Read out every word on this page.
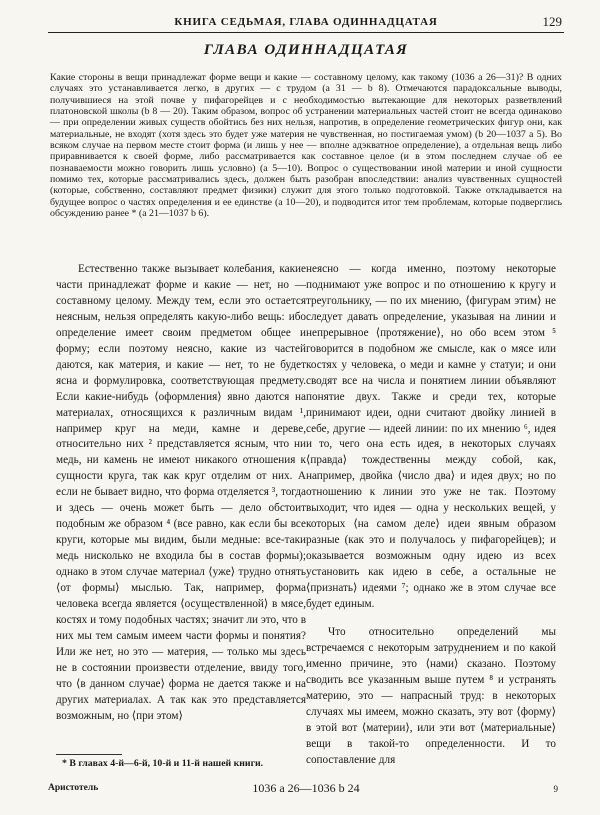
КНИГА СЕДЬМАЯ, ГЛАВА ОДИННАДЦАТАЯ	129
ГЛАВА ОДИННАДЦАТАЯ
Какие стороны в вещи принадлежат форме вещи и какие — составному целому, как такому (1036 a 26—31)? В одних случаях это устанавливается легко, в других — с трудом (a 31 — b 8). Отмечаются парадоксальные выводы, получившиеся на этой почве у пифагорейцев и с необходимостью вытекающие для некоторых разветвлений платоновской школы (b 8 — 20). Таким образом, вопрос об устранении материальных частей стоит не всегда одинаково — при определении живых существ обойтись без них нельзя, напротив, в определение геометрических фигур они, как материальные, не входят (хотя здесь это будет уже материя не чувственная, но постигаемая умом) (b 20—1037 a 5). Во всяком случае на первом месте стоит форма (и лишь у нее — вполне адэкватное определение), а отдельная вещь либо приравнивается к своей форме, либо рассматривается как составное целое (и в этом последнем случае об ее познаваемости можно говорить лишь условно) (a 5—10). Вопрос о существовании иной материи и иной сущности помимо тех, которые рассматривались здесь, должен быть разобран впоследствии: анализ чувственных сущностей (которые, собственно, составляют предмет физики) служит для этого только подготовкой. Также откладывается на будущее вопрос о частях определения и ее единстве (a 10—20), и подводится итог тем проблемам, которые подверглись обсуждению ранее * (a 21—1037 b 6).

Естественно также вызывает колебания, какие части принадлежат форме и какие — нет, но — составному целому. Между тем, если это остается неясным, нельзя определять какую-либо вещь: ибо определение имеет своим предметом общее и форму; если поэтому неясно, какие из частей даются, как материя, и какие — нет, то не будет ясна и формулировка, соответствующая предмету. Если какие-нибудь ⟨оформления⟩ явно даются на материалах, относящихся к различным видам ¹, например круг на меди, камне и дереве, относительно них ² представляется ясным, что ни медь, ни камень не имеют никакого отношения к сущности круга, так как круг отделим от них. А если не бывает видно, что форма отделяется ³, тогда и здесь — очень может быть — дело обстоит подобным же образом ⁴ (все равно, как если бы все круги, которые мы видим, были медные: все-таки медь нисколько не входила бы в состав формы); однако в этом случае материал ⟨уже⟩ трудно отнять ⟨от формы⟩ мыслью. Так, например, форма человека всегда является ⟨осуществленной⟩ в мясе, костях и тому подобных частях; значит ли это, что в них мы тем самым имеем части формы и понятия? Или же нет, но это — материя, — только мы здесь не в состоянии произвести отделение, ввиду того, что ⟨в данном случае⟩ форма не дается также и на других материалах. А так как это представляется возможным, но ⟨при этом⟩

неясно — когда именно, поэтому некоторые поднимают уже вопрос и по отношению к кругу и треугольнику, — по их мнению, ⟨фигурам этим⟩ не следует давать определение, указывая на линии и непрерывное ⟨протяжение⟩, но обо всем этом ⁵ говорится в подобном же смысле, как о мясе или костях у человека, о меди и камне у статуи; и они сводят все на числа и понятием линии объявляют понятие двух. Также и среди тех, которые принимают идеи, одни считают двойку линией в себе, другие — идеей линии: по их мнению ⁶, идея и то, чего она есть идея, в некоторых случаях ⟨правда⟩ тождественны между собой, как, например, двойка ⟨число два⟩ и идея двух; но по отношению к линии это уже не так. Поэтому выходит, что идея — одна у нескольких вещей, у которых ⟨на самом деле⟩ идеи явным образом разные (как это и получалось у пифагорейцев); и оказывается возможным одну идею из всех установить как идею в себе, а остальные не ⟨признать⟩ идеями ⁷; однако же в этом случае все будет единым.

Что относительно определений мы встречаемся с некоторым затруднением и по какой именно причине, это ⟨нами⟩ сказано. Поэтому сводить все указанным выше путем ⁸ и устранять материю, это — напрасный труд: в некоторых случаях мы имеем, можно сказать, эту вот ⟨форму⟩ в этой вот ⟨материи⟩, или эти вот ⟨материальные⟩ вещи в такой-то определенности. И то сопоставление для

* В главах 4-й—6-й, 10-й и 11-й нашей книги.
Аристотель	1036 a 26—1036 b 24	9
